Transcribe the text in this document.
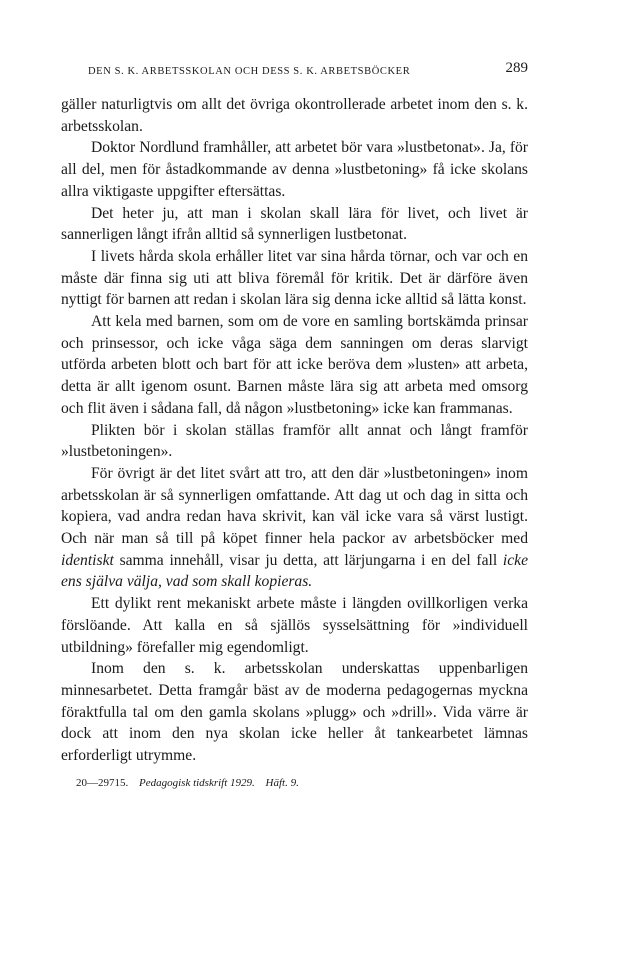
DEN S. K. ARBETSSKOLAN OCH DESS S. K. ARBETSBÖCKER	289

gäller naturligtvis om allt det övriga okontrollerade arbetet inom den s. k. arbetsskolan.

Doktor Nordlund framhåller, att arbetet bör vara »lustbetonat». Ja, för all del, men för åstadkommande av denna »lustbetoning» få icke skolans allra viktigaste uppgifter eftersättas.

Det heter ju, att man i skolan skall lära för livet, och livet är sannerligen långt ifrån alltid så synnerligen lustbetonat.

I livets hårda skola erhåller litet var sina hårda törnar, och var och en måste där finna sig uti att bliva föremål för kritik. Det är därföre även nyttigt för barnen att redan i skolan lära sig denna icke alltid så lätta konst.

Att kela med barnen, som om de vore en samling bortskämda prinsar och prinsessor, och icke våga säga dem sanningen om deras slarvigt utförda arbeten blott och bart för att icke beröva dem »lusten» att arbeta, detta är allt igenom osunt. Barnen måste lära sig att arbeta med omsorg och flit även i sådana fall, då någon »lustbetoning» icke kan frammanas.

Plikten bör i skolan ställas framför allt annat och långt framför »lustbetoningen».

För övrigt är det litet svårt att tro, att den där »lustbetoningen» inom arbetsskolan är så synnerligen omfattande. Att dag ut och dag in sitta och kopiera, vad andra redan hava skrivit, kan väl icke vara så värst lustigt. Och när man så till på köpet finner hela packor av arbetsböcker med identiskt samma innehåll, visar ju detta, att lärjungarna i en del fall icke ens själva välja, vad som skall kopieras.

Ett dylikt rent mekaniskt arbete måste i längden ovillkorligen verka förslöande. Att kalla en så själlös sysselsättning för »individuell utbildning» förefaller mig egendomligt.

Inom den s. k. arbetsskolan underskattas uppenbarligen minnesarbetet. Detta framgår bäst av de moderna pedagogernas myckna föraktfulla tal om den gamla skolans »plugg» och »drill». Vida värre är dock att inom den nya skolan icke heller åt tankearbetet lämnas erforderligt utrymme.

20—29715. Pedagogisk tidskrift 1929. Häft. 9.
